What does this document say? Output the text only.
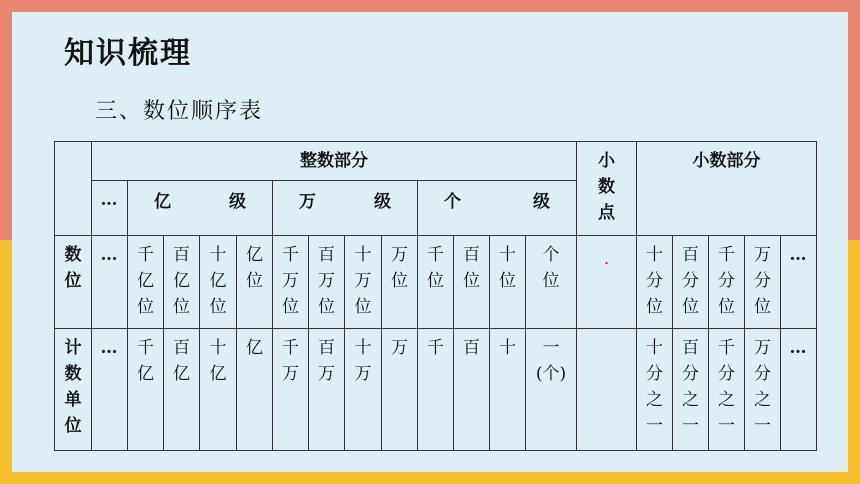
知识梳理
三、数位顺序表
	整数部分													小数点	小数部分				
	…	亿 级				万 级				个 级									

数位	…	千亿位	百亿位	十亿位	亿位	千万位	百万位	十万位	万位	千位	百位	十位	个位	.	十分位	百分位	千分位	万分位	…
计数单位	…	千亿	百亿	十亿	亿	千万	百万	十万	万	千	百	十	一(个)		十分之一	百分之一	千分之一	万分之一	…
